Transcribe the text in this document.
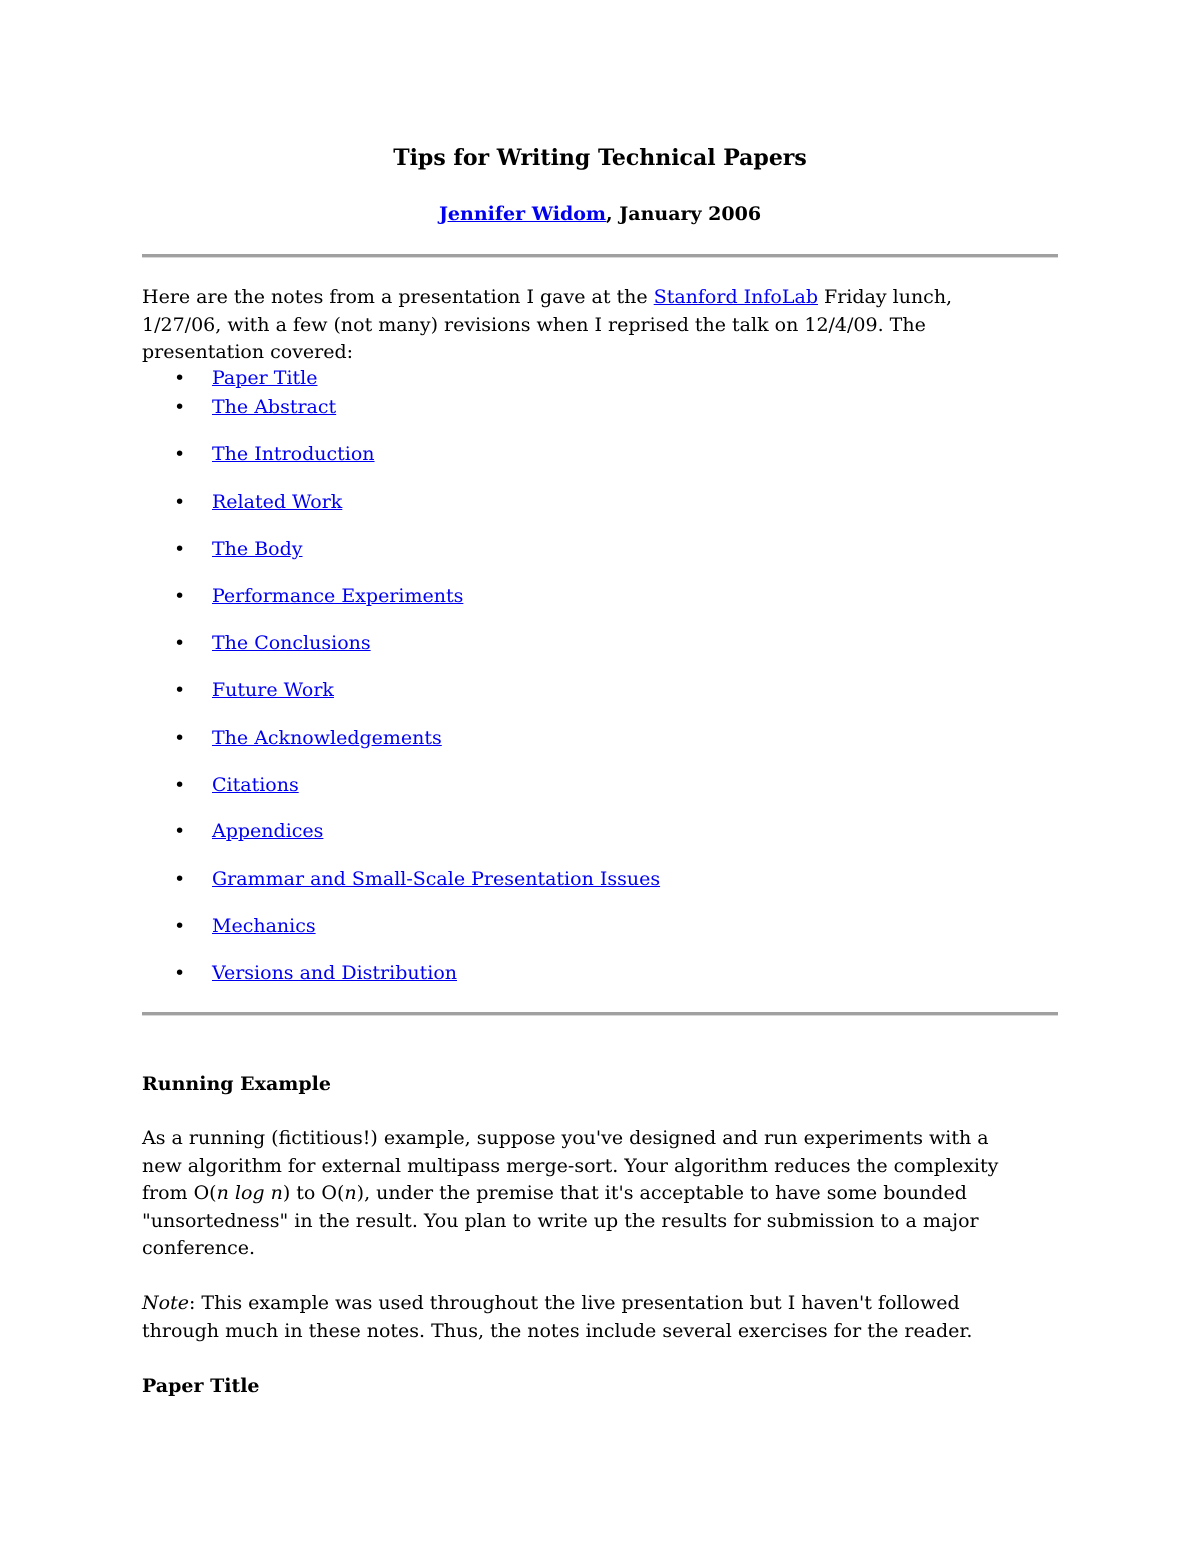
Tips for Writing Technical Papers

Jennifer Widom, January 2006

Here are the notes from a presentation I gave at the Stanford InfoLab Friday lunch,
1/27/06, with a few (not many) revisions when I reprised the talk on 12/4/09. The
presentation covered:

• Paper Title
• The Abstract
• The Introduction
• Related Work
• The Body
• Performance Experiments
• The Conclusions
• Future Work
• The Acknowledgements
• Citations
• Appendices
• Grammar and Small-Scale Presentation Issues
• Mechanics
• Versions and Distribution
Running Example

As a running (fictitious!) example, suppose you've designed and run experiments with a
new algorithm for external multipass merge-sort. Your algorithm reduces the complexity
from O(n log n) to O(n), under the premise that it's acceptable to have some bounded
"unsortedness" in the result. You plan to write up the results for submission to a major
conference.

Note: This example was used throughout the live presentation but I haven't followed
through much in these notes. Thus, the notes include several exercises for the reader.

Paper Title
